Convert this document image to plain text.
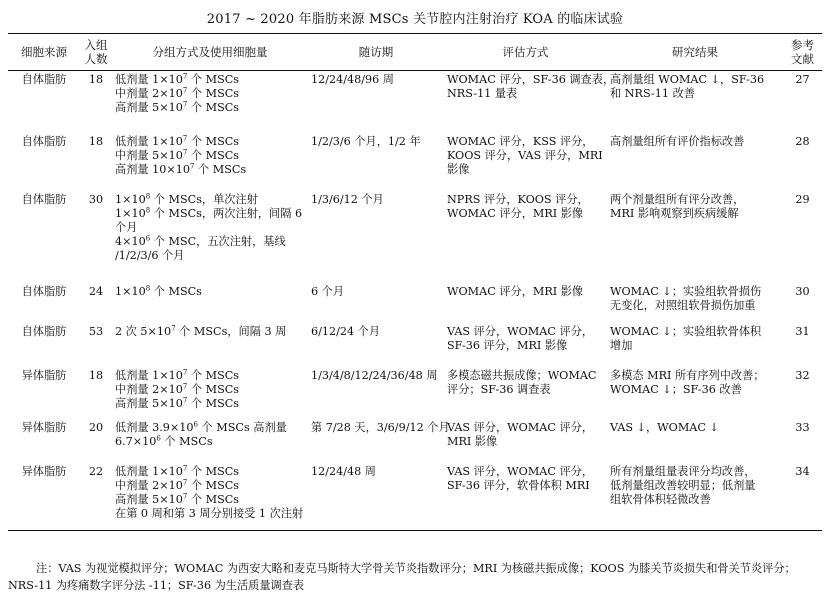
2017 ~ 2020 年脂肪来源 MSCs 关节腔内注射治疗 KOA 的临床试验
细胞来源	入组
人数	分组方式及使用细胞量	随访期	评估方式	研究结果	参考
文献

自体脂肪	18	低剂量 $1\times 10^7$ 个 MSCs
中剂量 $2\times 10^7$ 个 MSCs
高剂量 $5\times 10^7$ 个 MSCs	12/24/48/96 周	WOMAC 评分，SF-36 调查表，
NRS-11 量表	高剂量组 WOMAC ↓，SF-36
和 NRS-11 改善	27
自体脂肪	18	低剂量 $1\times 10^7$ 个 MSCs
中剂量 $5\times 10^7$ 个 MSCs
高剂量 $10\times 10^7$ 个 MSCs	1/2/3/6 个月，1/2 年	WOMAC 评分，KSS 评分，
KOOS 评分，VAS 评分，MRI
影像	高剂量组所有评价指标改善	28
自体脂肪	30	$1\times 10^8$ 个 MSCs，单次注射
$1\times 10^8$ 个 MSCs，两次注射，间隔 6
个月
$4\times 10^6$ 个 MSC，五次注射，基线
/1/2/3/6 个月	1/3/6/12 个月	NPRS 评分，KOOS 评分，
WOMAC 评分，MRI 影像	两个剂量组所有评分改善，
MRI 影响观察到疾病缓解	29
自体脂肪	24	$1\times 10^8$ 个 MSCs	6 个月	WOMAC 评分，MRI 影像	WOMAC ↓；实验组软骨损伤
无变化，对照组软骨损伤加重	30
自体脂肪	53	2 次 $5\times 10^7$ 个 MSCs，间隔 3 周	6/12/24 个月	VAS 评分，WOMAC 评分，
SF-36 评分，MRI 影像	WOMAC ↓；实验组软骨体积
增加	31
异体脂肪	18	低剂量 $1\times 10^7$ 个 MSCs
中剂量 $2\times 10^7$ 个 MSCs
高剂量 $5\times 10^7$ 个 MSCs	1/3/4/8/12/24/36/48 周	多模态磁共振成像；WOMAC
评分；SF-36 调查表	多模态 MRI 所有序列中改善；
WOMAC ↓；SF-36 改善	32
异体脂肪	20	低剂量 $3.9\times 10^6$ 个 MSCs 高剂量
$6.7\times 10^6$ 个 MSCs	第 7/28 天，3/6/9/12 个月	VAS 评分，WOMAC 评分，
MRI 影像	VAS ↓，WOMAC ↓	33
异体脂肪	22	低剂量 $1\times 10^7$ 个 MSCs
中剂量 $2\times 10^7$ 个 MSCs
高剂量 $5\times 10^7$ 个 MSCs
在第 0 周和第 3 周分别接受 1 次注射	12/24/48 周	VAS 评分，WOMAC 评分，
SF-36 评分，软骨体积 MRI	所有剂量组量表评分均改善，
低剂量组改善较明显；低剂量
组软骨体积轻微改善	34
注：VAS 为视觉模拟评分；WOMAC 为西安大略和麦克马斯特大学骨关节炎指数评分；MRI 为核磁共振成像；KOOS 为膝关节炎损失和骨关节炎评分；NRS-11 为疼痛数字评分法 -11；SF-36 为生活质量调查表
